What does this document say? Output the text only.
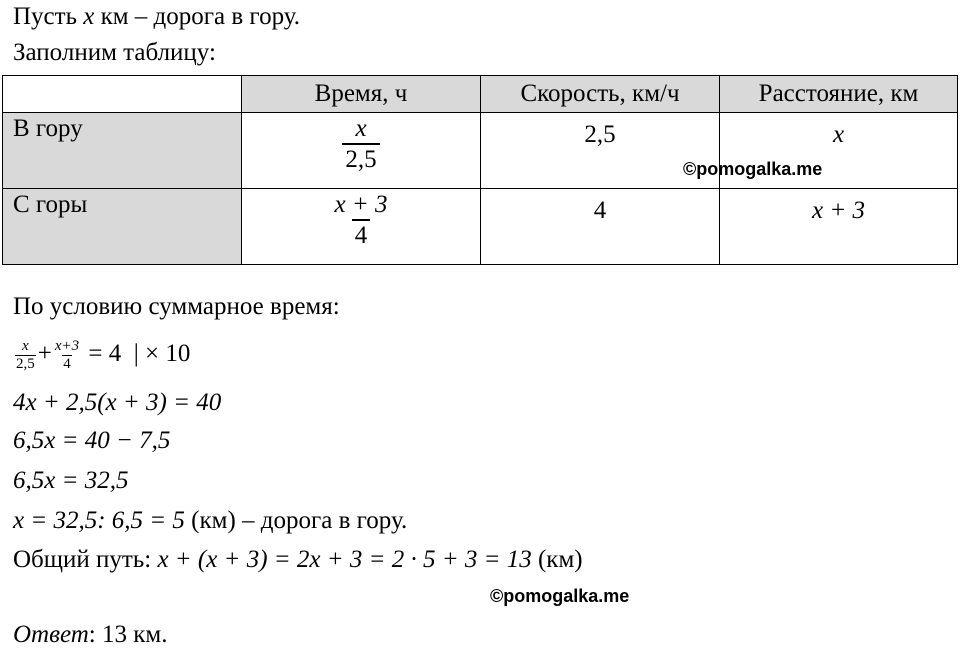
Пусть x км – дорога в гору.
Заполним таблицу:
	Время, ч	Скорость, км/ч	Расстояние, км
В гору	$\frac{x}{2,5}$	2,5	x
С горы	$\frac{x + 3}{4}$	4	x + 3
©pomogalka.me
По условию суммарное время:
$\frac{x}{2,5} + \frac{x+3}{4} = 4$  | × 10
4x + 2,5(x + 3) = 40
6,5x = 40 − 7,5
6,5x = 32,5
x = 32,5: 6,5 = 5 (км) – дорога в гору.
Общий путь: x + (x + 3) = 2x + 3 = 2 · 5 + 3 = 13 (км)
©pomogalka.me
Ответ: 13 км.
